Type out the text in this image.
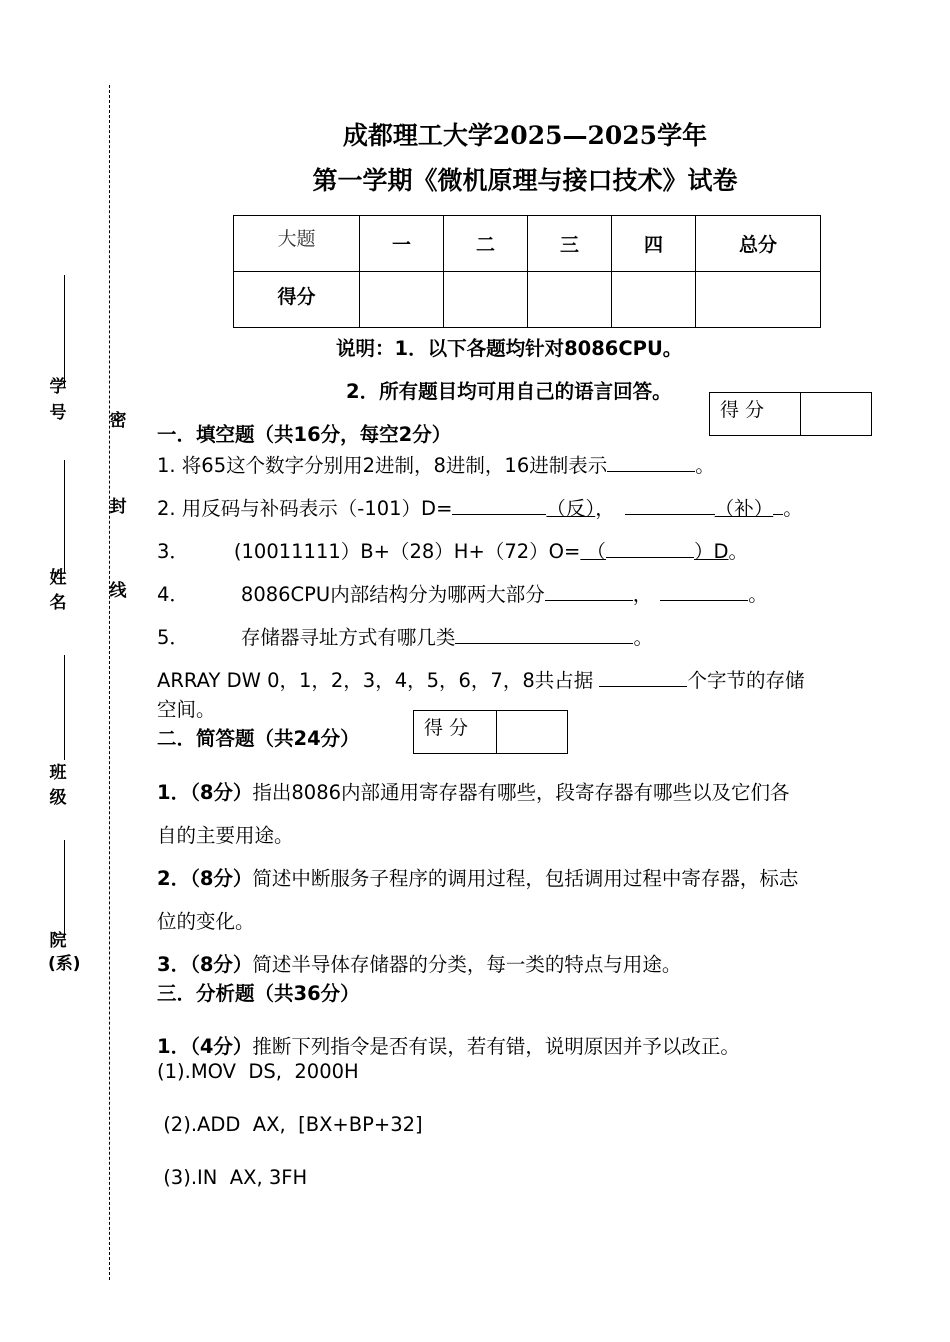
学
号
姓
名
班
级
院
(系)
密
封
线
成都理工大学2025—2025学年
第一学期《微机原理与接口技术》试卷
大题	一	二	三	四	总分
得分					
说明：1．以下各题均针对8086CPU。
2．所有题目均可用自己的语言回答。
得 分	
一．填空题（共16分，每空2分）
1. 将65这个数字分别用2进制，8进制，16进制表示	。
2. 用反码与补码表示（-101）D=	（反），	（补） 。
3． (10011111）B+（28）H+（72）O= （	）D。
4．	8086CPU内部结构分为哪两大部分	，	。
5．	存储器寻址方式有哪几类	。
ARRAY DW 0，1，2，3，4，5，6，7，8共占据	个字节的存储
空间。
二．简答题（共24分）	得 分	
1．（8分）指出8086内部通用寄存器有哪些，段寄存器有哪些以及它们各
自的主要用途。
2．（8分）简述中断服务子程序的调用过程，包括调用过程中寄存器，标志
位的变化。
3．（8分）简述半导体存储器的分类，每一类的特点与用途。
三．分析题（共36分）
1．（4分）推断下列指令是否有误，若有错，说明原因并予以改正。
(1).MOV  DS,  2000H
(2).ADD  AX,  [BX+BP+32]
(3).IN  AX, 3FH
